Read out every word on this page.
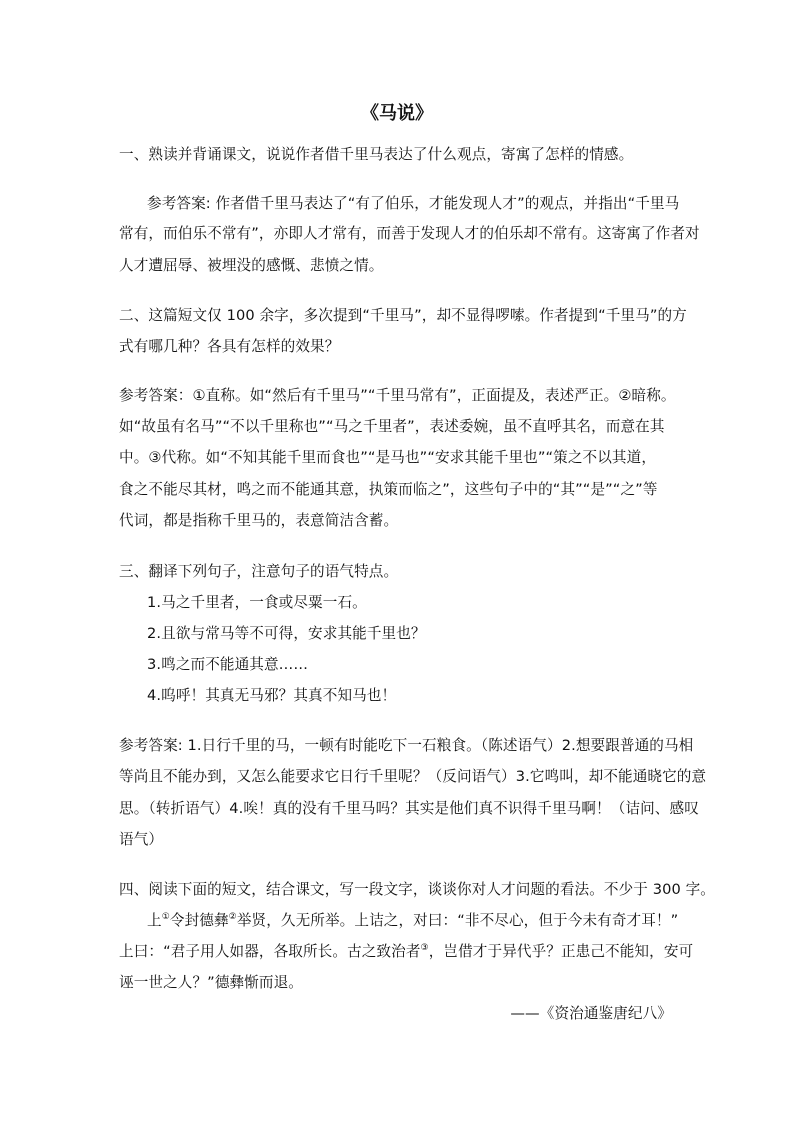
《马说》
一、熟读并背诵课文，说说作者借千里马表达了什么观点，寄寓了怎样的情感。
参考答案: 作者借千里马表达了“有了伯乐，才能发现人才”的观点，并指出“千里马
常有，而伯乐不常有”，亦即人才常有，而善于发现人才的伯乐却不常有。这寄寓了作者对
人才遭屈辱、被埋没的感慨、悲愤之情。
二、这篇短文仅 100 余字，多次提到“千里马”，却不显得啰嗦。作者提到“千里马”的方
式有哪几种？各具有怎样的效果？
参考答案：①直称。如“然后有千里马”“千里马常有”，正面提及，表述严正。②暗称。
如“故虽有名马”“不以千里称也”“马之千里者”，表述委婉，虽不直呼其名，而意在其
中。③代称。如“不知其能千里而食也”“是马也”“安求其能千里也”“策之不以其道，
食之不能尽其材，鸣之而不能通其意，执策而临之”，这些句子中的“其”“是”“之”等
代词，都是指称千里马的，表意简洁含蓄。
三、翻译下列句子，注意句子的语气特点。
1.马之千里者，一食或尽粟一石。
2.且欲与常马等不可得，安求其能千里也？
3.鸣之而不能通其意……
4.呜呼！其真无马邪？其真不知马也！
参考答案: 1.日行千里的马，一顿有时能吃下一石粮食。（陈述语气）2.想要跟普通的马相
等尚且不能办到，又怎么能要求它日行千里呢？（反问语气）3.它鸣叫，却不能通晓它的意
思。（转折语气）4.唉！真的没有千里马吗？其实是他们真不识得千里马啊！（诘问、感叹
语气）
四、阅读下面的短文，结合课文，写一段文字，谈谈你对人才问题的看法。不少于 300 字。
上①令封德彝②举贤，久无所举。上诘之，对曰：“非不尽心，但于今未有奇才耳！”
上曰：“君子用人如器，各取所长。古之致治者③，岂借才于异代乎？正患己不能知，安可
诬一世之人？”德彝惭而退。
——《资治通鉴唐纪八》
